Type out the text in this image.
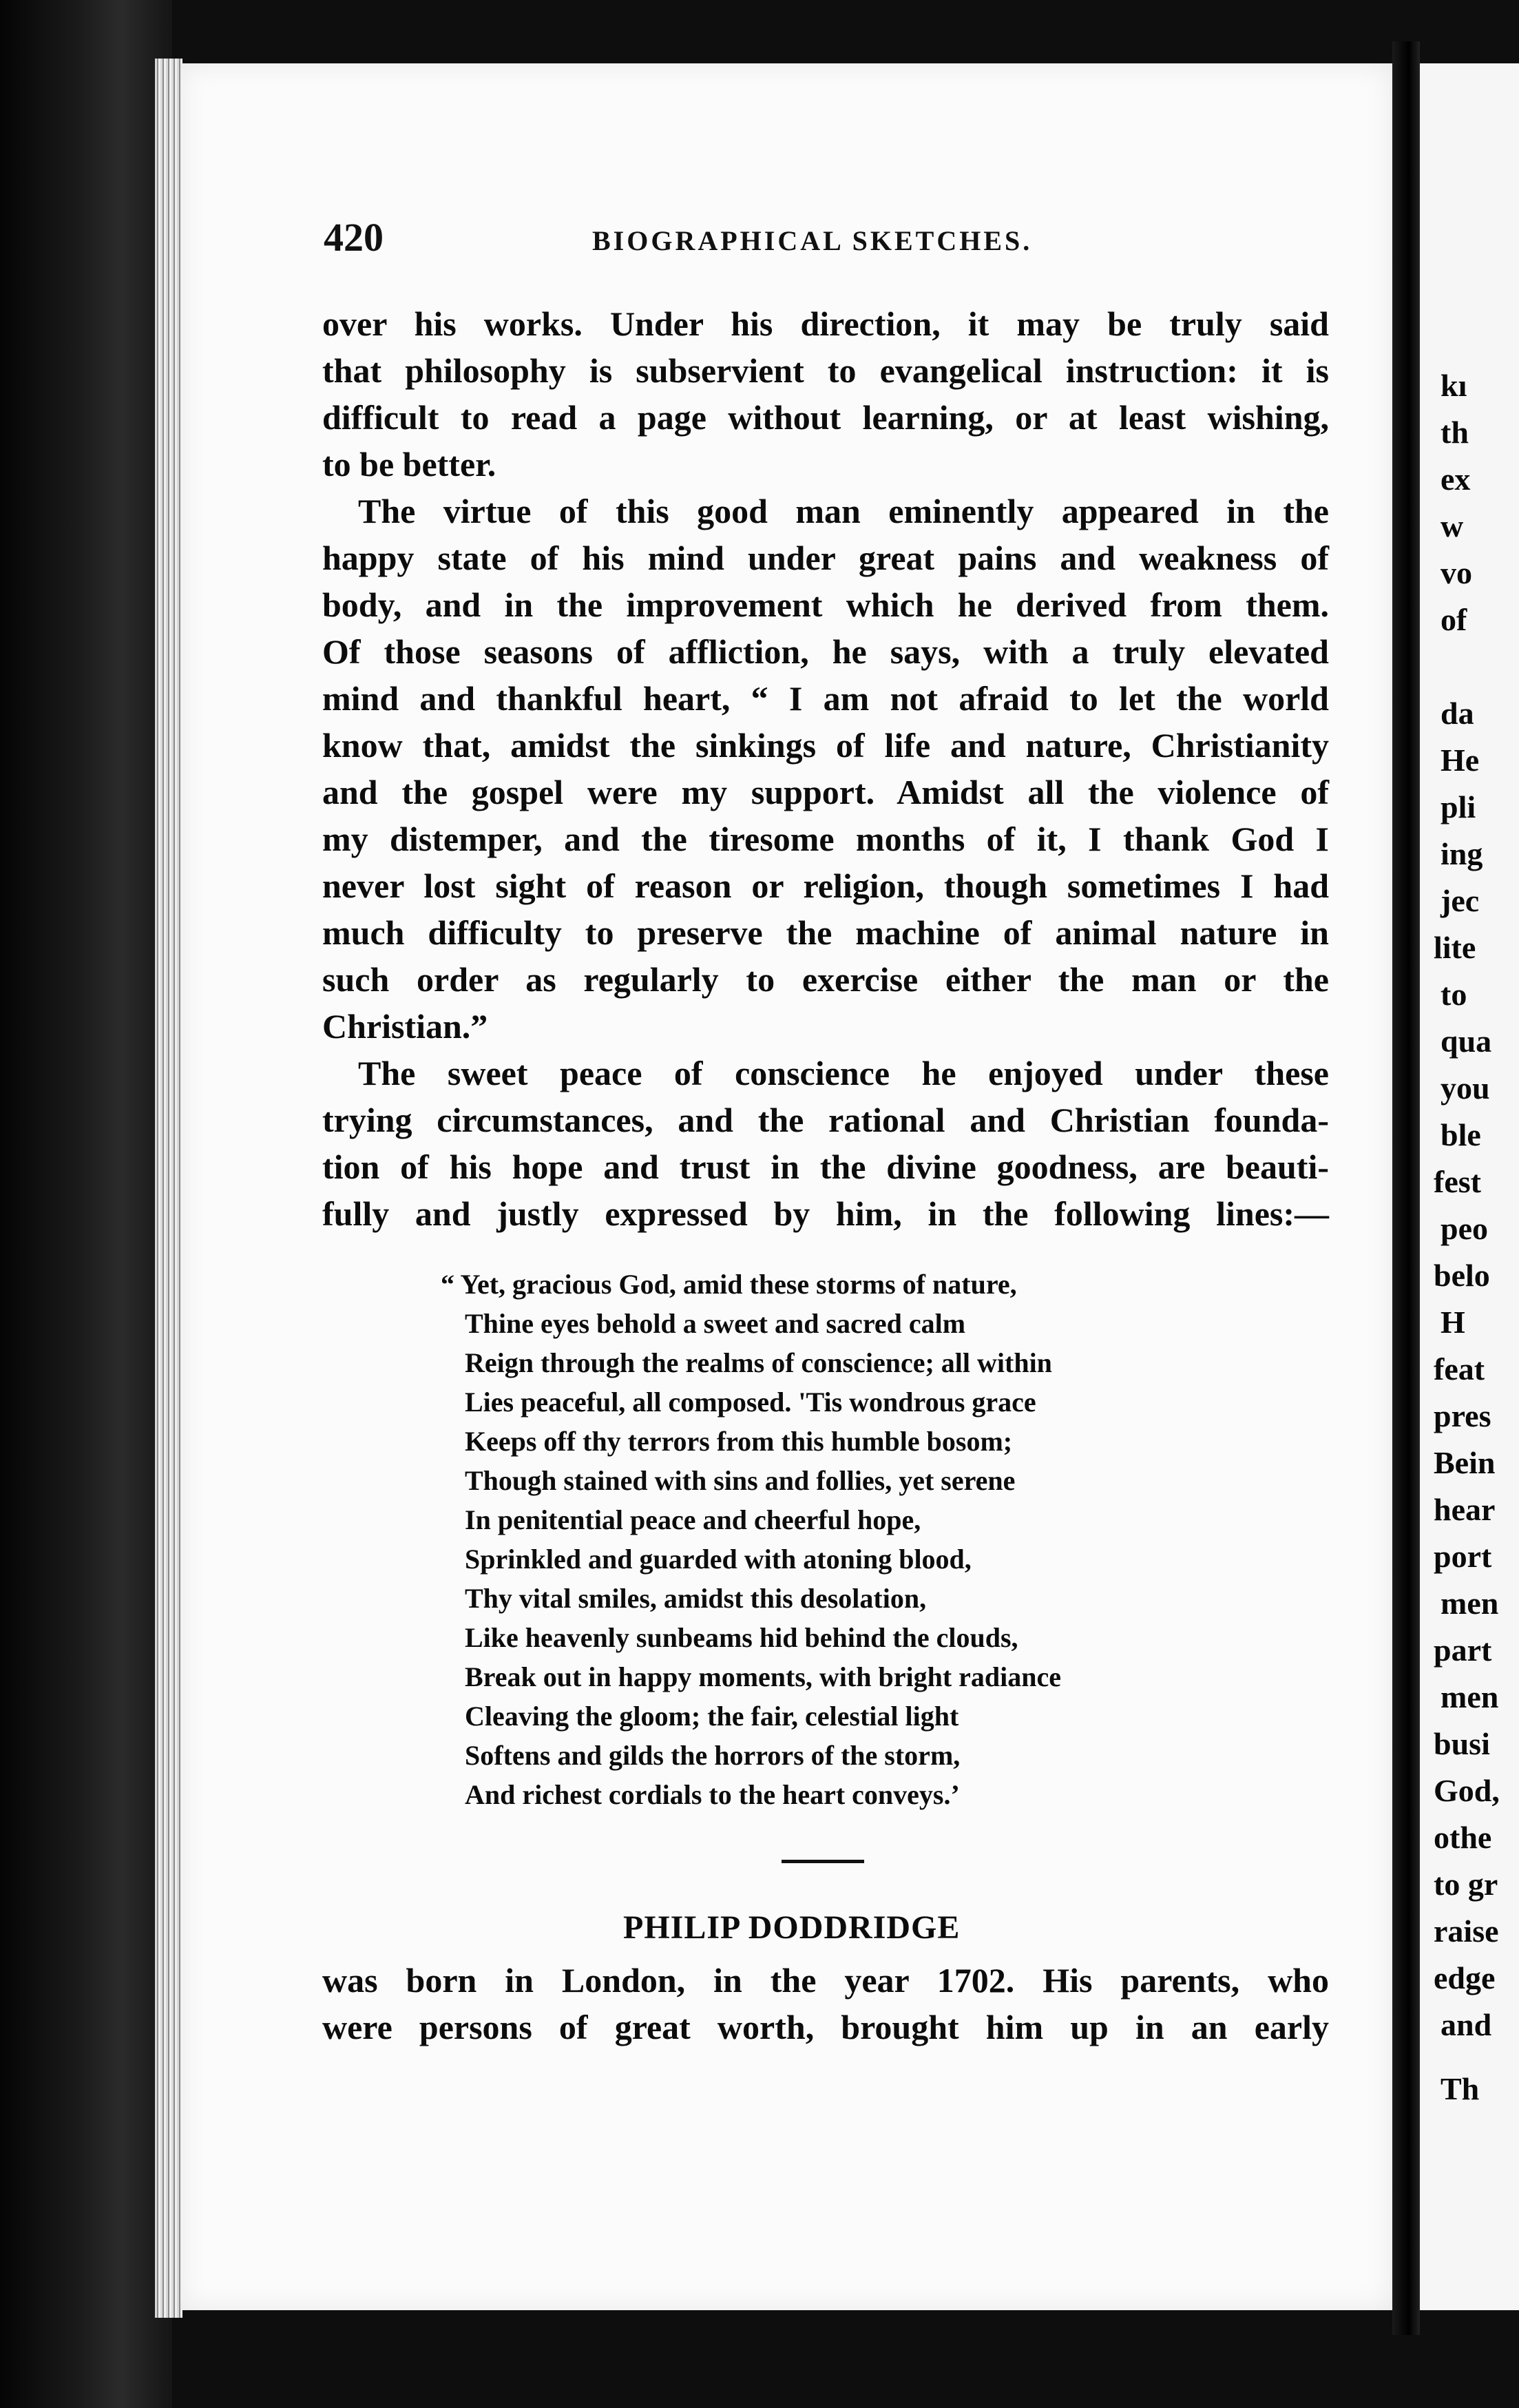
420	BIOGRAPHICAL SKETCHES.
over his works. Under his direction, it may be truly said
that philosophy is subservient to evangelical instruction: it is
difficult to read a page without learning, or at least wishing,
to be better.
The virtue of this good man eminently appeared in the
happy state of his mind under great pains and weakness of
body, and in the improvement which he derived from them.
Of those seasons of affliction, he says, with a truly elevated
mind and thankful heart, “ I am not afraid to let the world
know that, amidst the sinkings of life and nature, Christianity
and the gospel were my support. Amidst all the violence of
my distemper, and the tiresome months of it, I thank God I
never lost sight of reason or religion, though sometimes I had
much difficulty to preserve the machine of animal nature in
such order as regularly to exercise either the man or the
Christian.”
The sweet peace of conscience he enjoyed under these
trying circumstances, and the rational and Christian founda-
tion of his hope and trust in the divine goodness, are beauti-
fully and justly expressed by him, in the following lines:—
“ Yet, gracious God, amid these storms of nature,
Thine eyes behold a sweet and sacred calm
Reign through the realms of conscience; all within
Lies peaceful, all composed. 'Tis wondrous grace
Keeps off thy terrors from this humble bosom;
Though stained with sins and follies, yet serene
In penitential peace and cheerful hope,
Sprinkled and guarded with atoning blood,
Thy vital smiles, amidst this desolation,
Like heavenly sunbeams hid behind the clouds,
Break out in happy moments, with bright radiance
Cleaving the gloom; the fair, celestial light
Softens and gilds the horrors of the storm,
And richest cordials to the heart conveys.’
PHILIP DODDRIDGE
was born in London, in the year 1702. His parents, who
were persons of great worth, brought him up in an early
kı
th
ex
w
vo
of
da
He
pli
ing
jec
lite
to
qua
you
ble
fest
peo
belo
H
feat
pres
Bein
hear
port
men
part
men
busi
God,
othe
to gr
raise
edge
and
Th
